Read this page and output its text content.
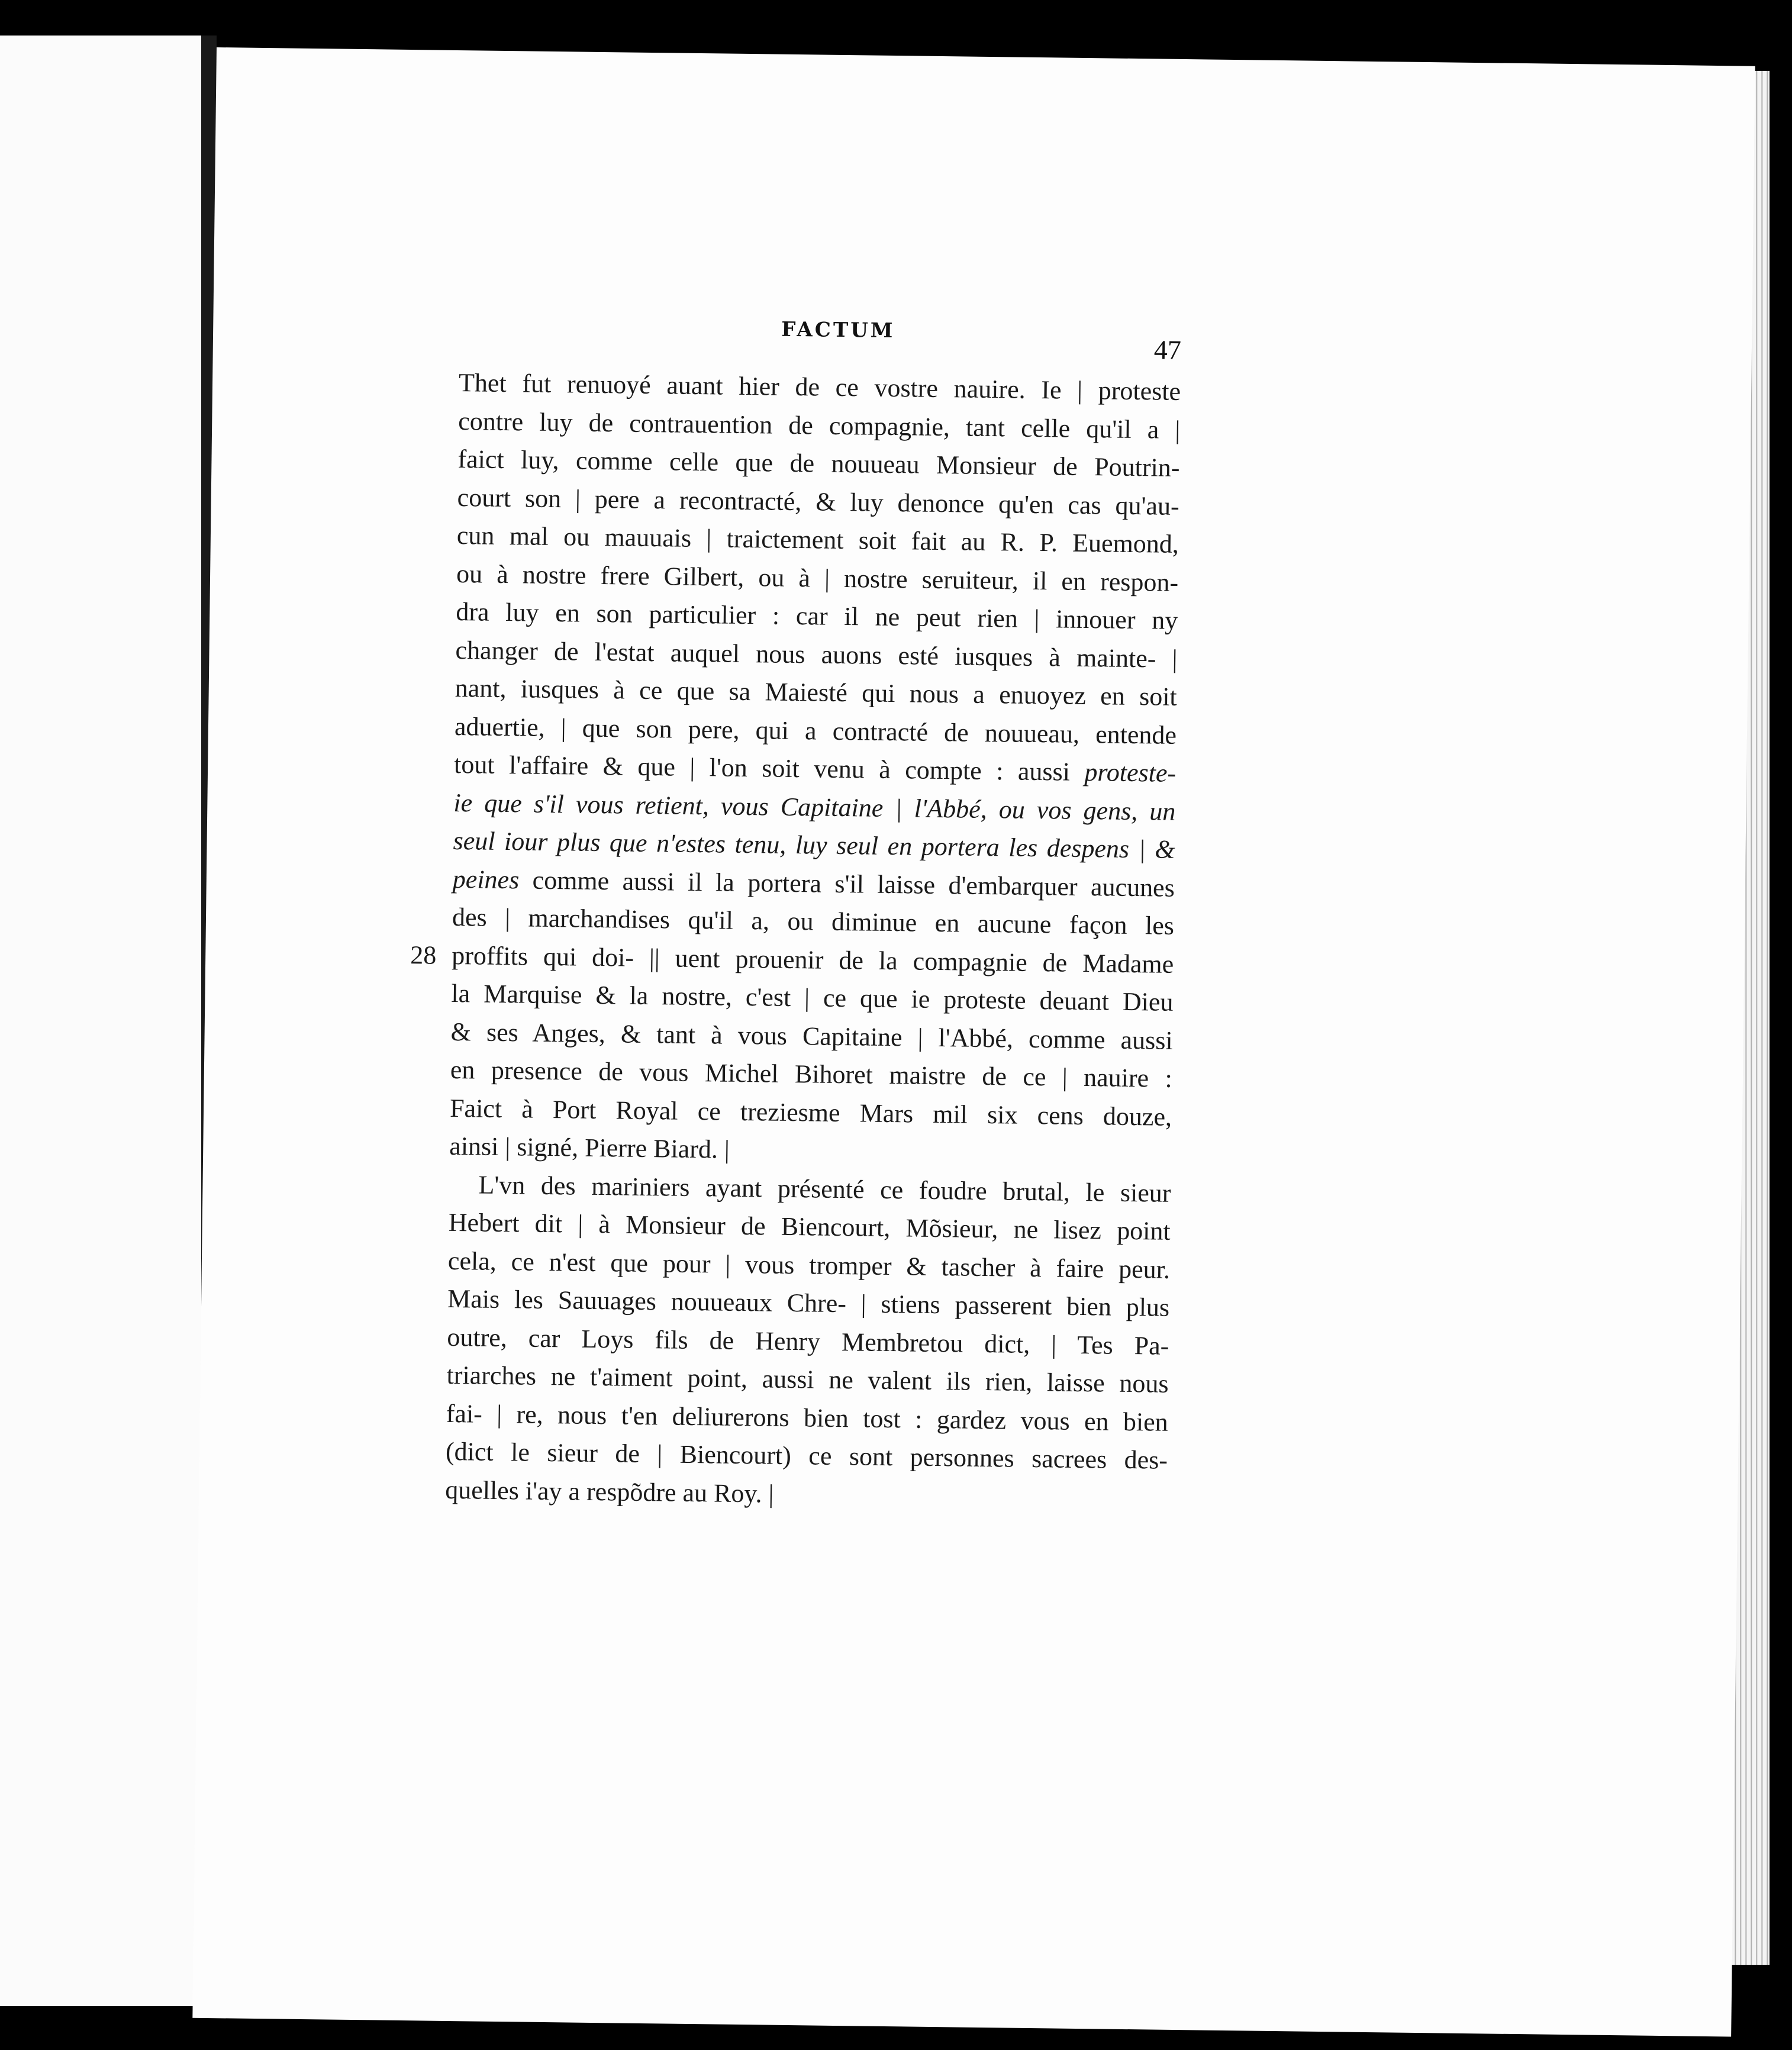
FACTUM
47
Thet fut renuoyé auant hier de ce vostre nauire. Ie | proteste
contre luy de contrauention de compagnie, tant celle qu'il a |
faict luy, comme celle que de nouueau Monsieur de Poutrin-
court son | pere a recontracté, & luy denonce qu'en cas qu'au-
cun mal ou mauuais | traictement soit fait au R. P. Euemond,
ou à nostre frere Gilbert, ou à | nostre seruiteur, il en respon-
dra luy en son particulier : car il ne peut rien | innouer ny
changer de l'estat auquel nous auons esté iusques à mainte- |
nant, iusques à ce que sa Maiesté qui nous a enuoyez en soit
aduertie, | que son pere, qui a contracté de nouueau, entende
tout l'affaire & que | l'on soit venu à compte : aussi proteste-
ie que s'il vous retient, vous Capitaine | l'Abbé, ou vos gens, un
seul iour plus que n'estes tenu, luy seul en portera les despens | &
peines comme aussi il la portera s'il laisse d'embarquer aucunes
des | marchandises qu'il a, ou diminue en aucune façon les
28 proffits qui doi- || uent prouenir de la compagnie de Madame
la Marquise & la nostre, c'est | ce que ie proteste deuant Dieu
& ses Anges, & tant à vous Capitaine | l'Abbé, comme aussi
en presence de vous Michel Bihoret maistre de ce | nauire :
Faict à Port Royal ce treziesme Mars mil six cens douze,
ainsi | signé, Pierre Biard. |
L'vn des mariniers ayant présenté ce foudre brutal, le sieur
Hebert dit | à Monsieur de Biencourt, Mõsieur, ne lisez point
cela, ce n'est que pour | vous tromper & tascher à faire peur.
Mais les Sauuages nouueaux Chre- | stiens passerent bien plus
outre, car Loys fils de Henry Membretou dict, | Tes Pa-
triarches ne t'aiment point, aussi ne valent ils rien, laisse nous
fai- | re, nous t'en deliurerons bien tost : gardez vous en bien
(dict le sieur de | Biencourt) ce sont personnes sacrees des-
quelles i'ay a respõdre au Roy. |
